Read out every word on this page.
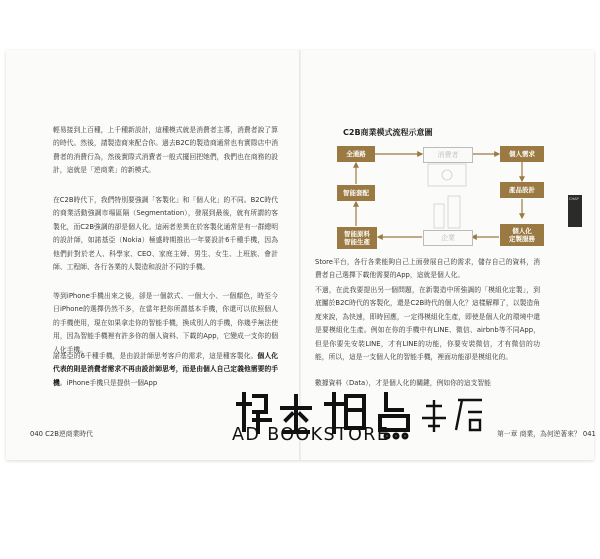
輕易接到上百種，上千種新設計，這種模式就是消費者主導，消費者說了算的時代。然後，請製造商來配合你。過去B2C的製造商通常也有實際店中消費者的消費行為，然後實際式消費者一般式擺回把她們，我們也在商務的設計，這就是「逆商業」的新模式。

在C2B時代下，我們特別要強調「客製化」和「個人化」的不同。B2C時代的商業活動強調市場區隔（Segmentation），發展到最後，就有所謂的客製化，而C2B強調的卻是個人化。這兩者差異在於客製化通常是有一群總明的設計師，如諾基亞（Nokia）極盛時期推出一年要設計6千種手機，因為他們針對於老人、科學家、CEO、家庭主婦、男生、女生、上班族、會計師、工程師、各行各業的人製造和設計不同的手機。

等到iPhone手機出來之後，卻是一個款式、一個大小、一個顏色，時至今日iPhone的選擇仍然不多，在當年把你所謂基本手機，你還可以依照個人的手機使用，現在如果拿走你的智能手機，換成別人的手機，你幾乎無法使用，因為智能手機裡有許多你的個人資料、下載的App，它變成一支你的個人化手機。

諾基亞的6千種手機，是由設計師思考客戶的需求，這是種客製化。個人化代表的則是消費者需求不再由設計師思考，而是由個人自己定義他需要的手機。iPhone手機只是提供一個App

040 C2B逆商業時代

C2B商業模式流程示意圖

全通路	消費者	個人需求
智能套配	產品設計
智能原料
智能生產	企業
個人化
定製服務

Store平台，各行各業能夠自己上面發展自己的需求，儲存自己的資料，消費者自己選擇下載他需要的App，這就是個人化。

不過，在此我要提出另一個問題，在新製造中所強調的「模組化定製」，到底屬於B2C時代的客製化，還是C2B時代的個人化？這樣解釋了，以製造角度來說，為快速，即時回應，一定得模組化生產，即使是個人化的環境中還是要模組化生產。例如在你的手機中有LINE、微信、airbnb等不同App，但是你要先安裝LINE，才有LINE的功能，你要安裝微信，才有微信的功能，所以，這是一支個人化的智能手機，裡面功能卻是模組化的。

數據資料（Data），才是個人化的關鍵，例如你的這支智能

第一章 商業，為何逆著來？ 041
CHAP

AD BOOKSTORE
